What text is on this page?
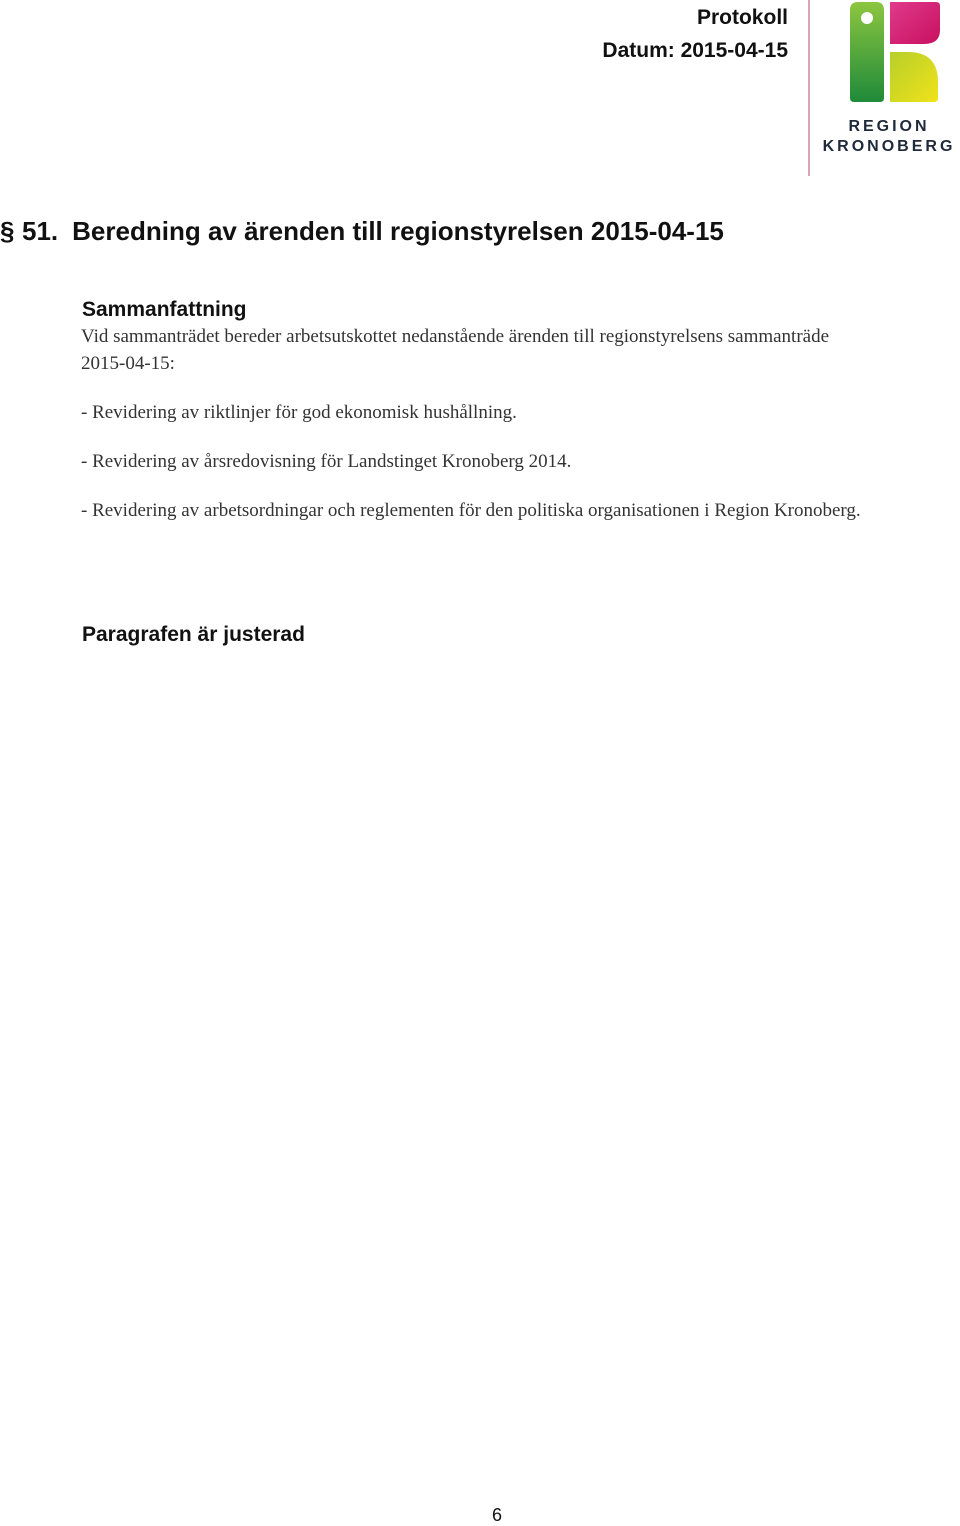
Protokoll
Datum: 2015-04-15
REGION
KRONOBERG
§ 51. Beredning av ärenden till regionstyrelsen 2015-04-15
Sammanfattning
Vid sammanträdet bereder arbetsutskottet nedanstående ärenden till regionstyrelsens sammanträde 2015-04-15:
- Revidering av riktlinjer för god ekonomisk hushållning.
- Revidering av årsredovisning för Landstinget Kronoberg 2014.
- Revidering av arbetsordningar och reglementen för den politiska organisationen i Region Kronoberg.
Paragrafen är justerad
6
